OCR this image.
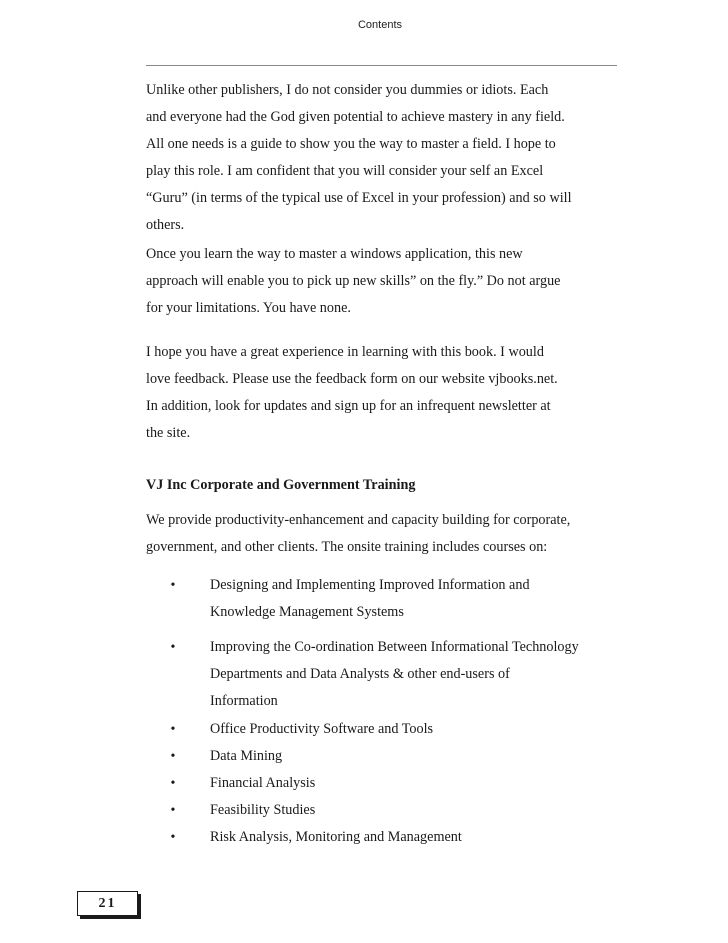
Contents
Unlike other publishers, I do not consider you dummies or idiots. Each
and everyone had the God given potential to achieve mastery in any field.
All one needs is a guide to show you the way to master a field. I hope to
play this role. I am confident that you will consider your self an Excel
“Guru” (in terms of the typical use of Excel in your profession) and so will
others.
Once you learn the way to master a windows application, this new
approach will enable you to pick up new skills” on the fly.” Do not argue
for your limitations. You have none.
I hope you have a great experience in learning with this book. I would
love feedback. Please use the feedback form on our website vjbooks.net.
In addition, look for updates and sign up for an infrequent newsletter at
the site.
VJ Inc Corporate and Government Training
We provide productivity-enhancement and capacity building for corporate,
government, and other clients. The onsite training includes courses on:
•	Designing and Implementing Improved Information and
Knowledge Management Systems
•	Improving the Co-ordination Between Informational Technology
Departments and Data Analysts & other end-users of
Information
•	Office Productivity Software and Tools
•	Data Mining
•	Financial Analysis
•	Feasibility Studies
•	Risk Analysis, Monitoring and Management
21
